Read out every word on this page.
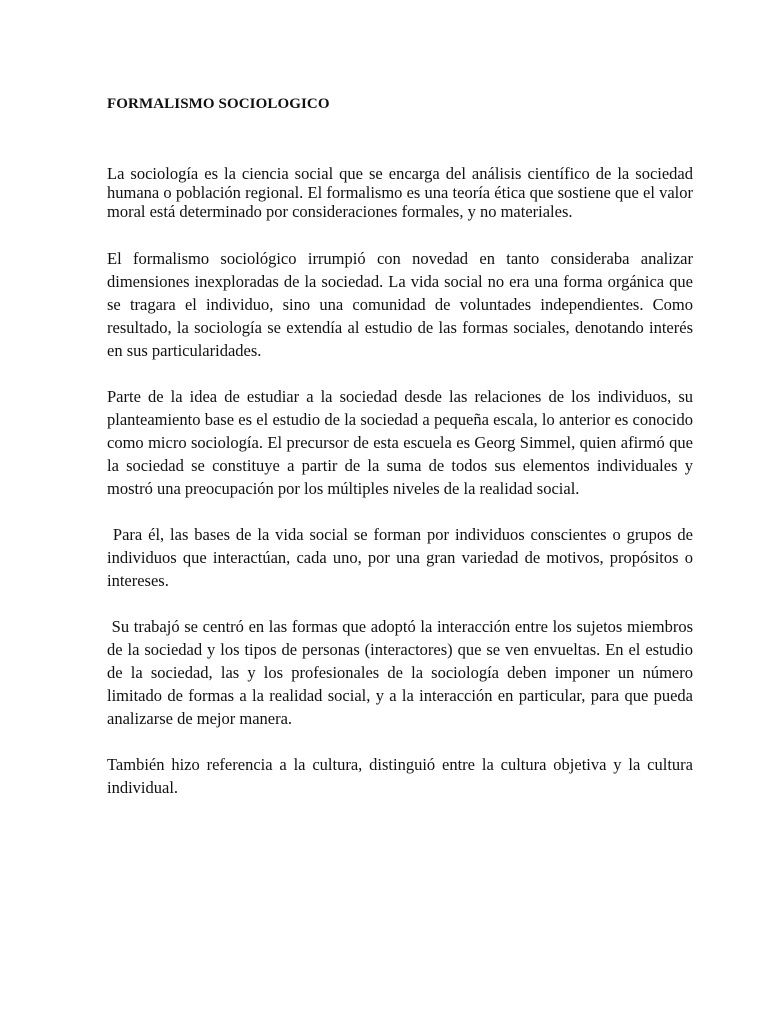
FORMALISMO SOCIOLOGICO

La sociología es la ciencia social que se encarga del análisis científico de la sociedad humana o población regional. El formalismo es una teoría ética que sostiene que el valor moral está determinado por consideraciones formales, y no materiales.

El formalismo sociológico irrumpió con novedad en tanto consideraba analizar dimensiones inexploradas de la sociedad. La vida social no era una forma orgánica que se tragara el individuo, sino una comunidad de voluntades independientes. Como resultado, la sociología se extendía al estudio de las formas sociales, denotando interés en sus particularidades.

Parte de la idea de estudiar a la sociedad desde las relaciones de los individuos, su planteamiento base es el estudio de la sociedad a pequeña escala, lo anterior es conocido como micro sociología. El precursor de esta escuela es Georg Simmel, quien afirmó que la sociedad se constituye a partir de la suma de todos sus elementos individuales y mostró una preocupación por los múltiples niveles de la realidad social.

Para él, las bases de la vida social se forman por individuos conscientes o grupos de individuos que interactúan, cada uno, por una gran variedad de motivos, propósitos o intereses.

Su trabajó se centró en las formas que adoptó la interacción entre los sujetos miembros de la sociedad y los tipos de personas (interactores) que se ven envueltas. En el estudio de la sociedad, las y los profesionales de la sociología deben imponer un número limitado de formas a la realidad social, y a la interacción en particular, para que pueda analizarse de mejor manera.

También hizo referencia a la cultura, distinguió entre la cultura objetiva y la cultura individual.
